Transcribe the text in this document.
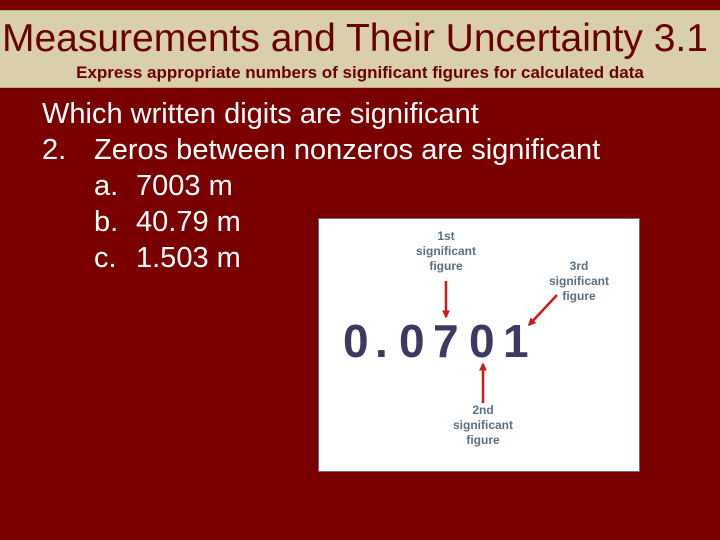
Measurements and Their Uncertainty 3.1
Express appropriate numbers of significant figures for calculated data
Which written digits are significant
2. Zeros between nonzeros are significant
a. 7003 m
b. 40.79 m
c. 1.503 m
1st
significant
figure	3rd
significant
figure
2nd
significant
figure
0 . 0 7 0 1
